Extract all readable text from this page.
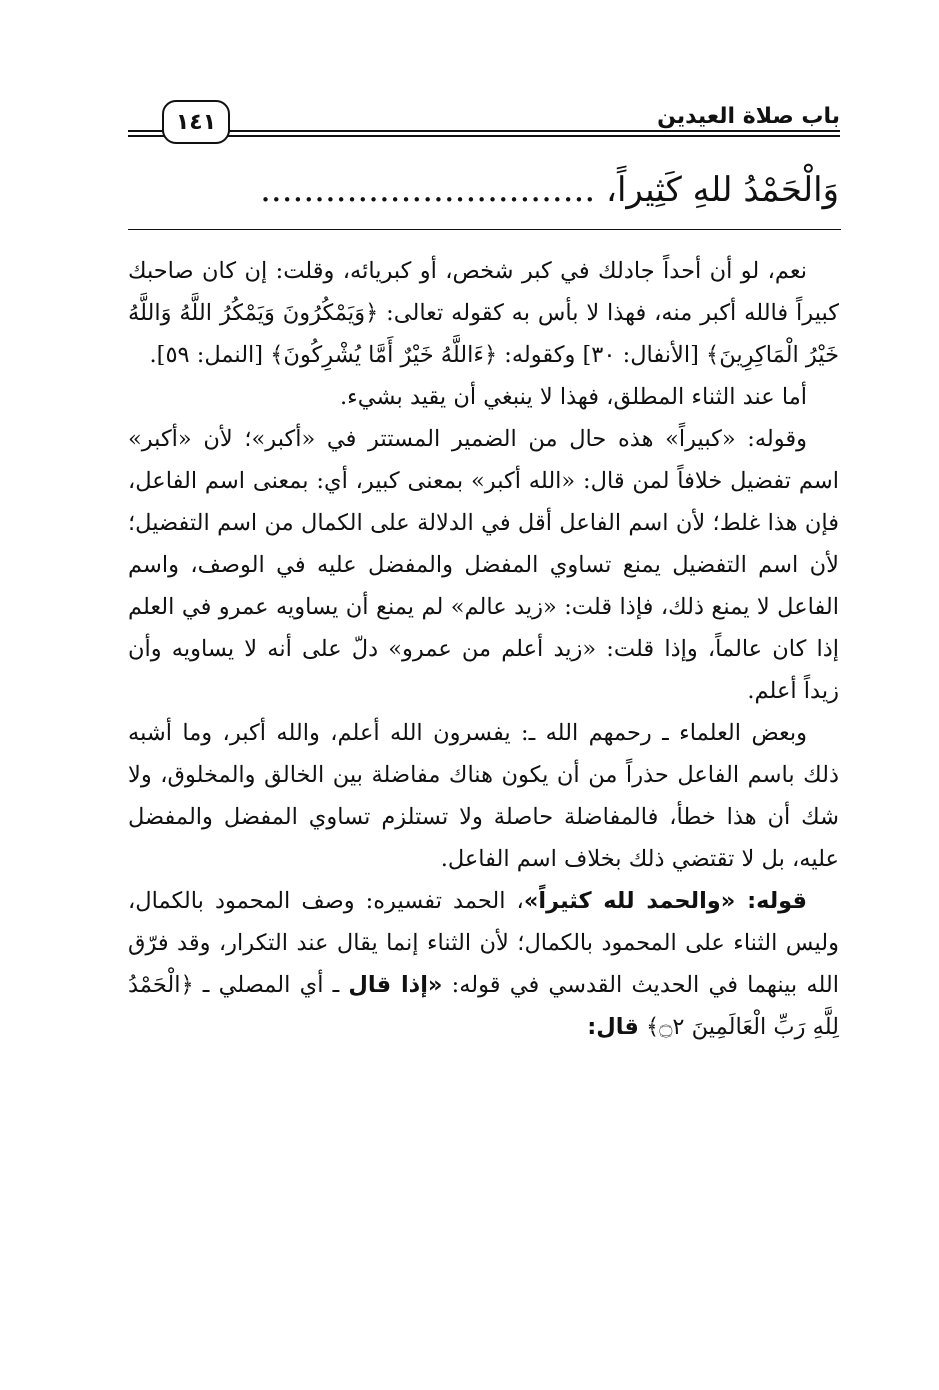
١٤١	باب صلاة العيدين
وَالْحَمْدُ للهِ كَثِيراً، ...............................

نعم، لو أن أحداً جادلك في كبر شخص، أو كبريائه، وقلت: إن كان صاحبك كبيراً فالله أكبر منه، فهذا لا بأس به كقوله تعالى: ﴿وَيَمْكُرُونَ وَيَمْكُرُ اللَّهُ وَاللَّهُ خَيْرُ الْمَاكِرِينَ﴾ [الأنفال: ٣٠] وكقوله: ﴿ءَاللَّهُ خَيْرٌ أَمَّا يُشْرِكُونَ﴾ [النمل: ٥٩].

أما عند الثناء المطلق، فهذا لا ينبغي أن يقيد بشيء.

وقوله: «كبيراً» هذه حال من الضمير المستتر في «أكبر»؛ لأن «أكبر» اسم تفضيل خلافاً لمن قال: «الله أكبر» بمعنى كبير، أي: بمعنى اسم الفاعل، فإن هذا غلط؛ لأن اسم الفاعل أقل في الدلالة على الكمال من اسم التفضيل؛ لأن اسم التفضيل يمنع تساوي المفضل والمفضل عليه في الوصف، واسم الفاعل لا يمنع ذلك، فإذا قلت: «زيد عالم» لم يمنع أن يساويه عمرو في العلم إذا كان عالماً، وإذا قلت: «زيد أعلم من عمرو» دلّ على أنه لا يساويه وأن زيداً أعلم.

وبعض العلماء ـ رحمهم الله ـ: يفسرون الله أعلم، والله أكبر، وما أشبه ذلك باسم الفاعل حذراً من أن يكون هناك مفاضلة بين الخالق والمخلوق، ولا شك أن هذا خطأ، فالمفاضلة حاصلة ولا تستلزم تساوي المفضل والمفضل عليه، بل لا تقتضي ذلك بخلاف اسم الفاعل.

قوله: «والحمد لله كثيراً»، الحمد تفسيره: وصف المحمود بالكمال، وليس الثناء على المحمود بالكمال؛ لأن الثناء إنما يقال عند التكرار، وقد فرّق الله بينهما في الحديث القدسي في قوله: «إذا قال ـ أي المصلي ـ ﴿الْحَمْدُ لِلَّهِ رَبِّ الْعَالَمِينَ ۝٢﴾ قال:
